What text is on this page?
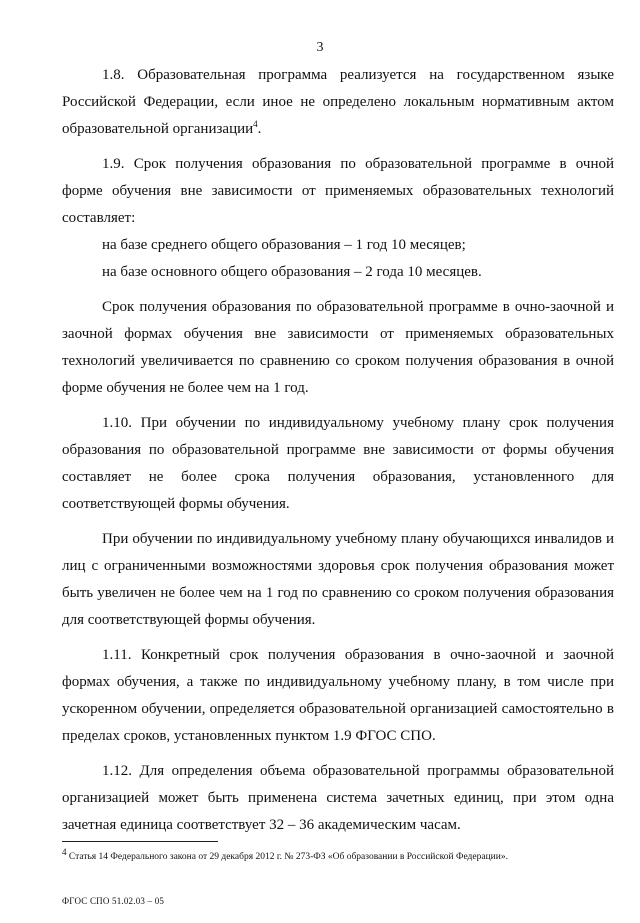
3

1.8. Образовательная программа реализуется на государственном языке Российской Федерации, если иное не определено локальным нормативным актом образовательной организации$^4$.

1.9. Срок получения образования по образовательной программе в очной форме обучения вне зависимости от применяемых образовательных технологий составляет:

на базе среднего общего образования – 1 год 10 месяцев;

на базе основного общего образования – 2 года 10 месяцев.

Срок получения образования по образовательной программе в очно-заочной и заочной формах обучения вне зависимости от применяемых образовательных технологий увеличивается по сравнению со сроком получения образования в очной форме обучения не более чем на 1 год.

1.10. При обучении по индивидуальному учебному плану срок получения образования по образовательной программе вне зависимости от формы обучения составляет не более срока получения образования, установленного для соответствующей формы обучения.

При обучении по индивидуальному учебному плану обучающихся инвалидов и лиц с ограниченными возможностями здоровья срок получения образования может быть увеличен не более чем на 1 год по сравнению со сроком получения образования для соответствующей формы обучения.

1.11. Конкретный срок получения образования в очно-заочной и заочной формах обучения, а также по индивидуальному учебному плану, в том числе при ускоренном обучении, определяется образовательной организацией самостоятельно в пределах сроков, установленных пунктом 1.9 ФГОС СПО.

1.12. Для определения объема образовательной программы образовательной организацией может быть применена система зачетных единиц, при этом одна зачетная единица соответствует 32 – 36 академическим часам.

$^4$ Статья 14 Федерального закона от 29 декабря 2012 г. № 273-ФЗ «Об образовании в Российской Федерации».
ФГОС СПО 51.02.03 – 05
